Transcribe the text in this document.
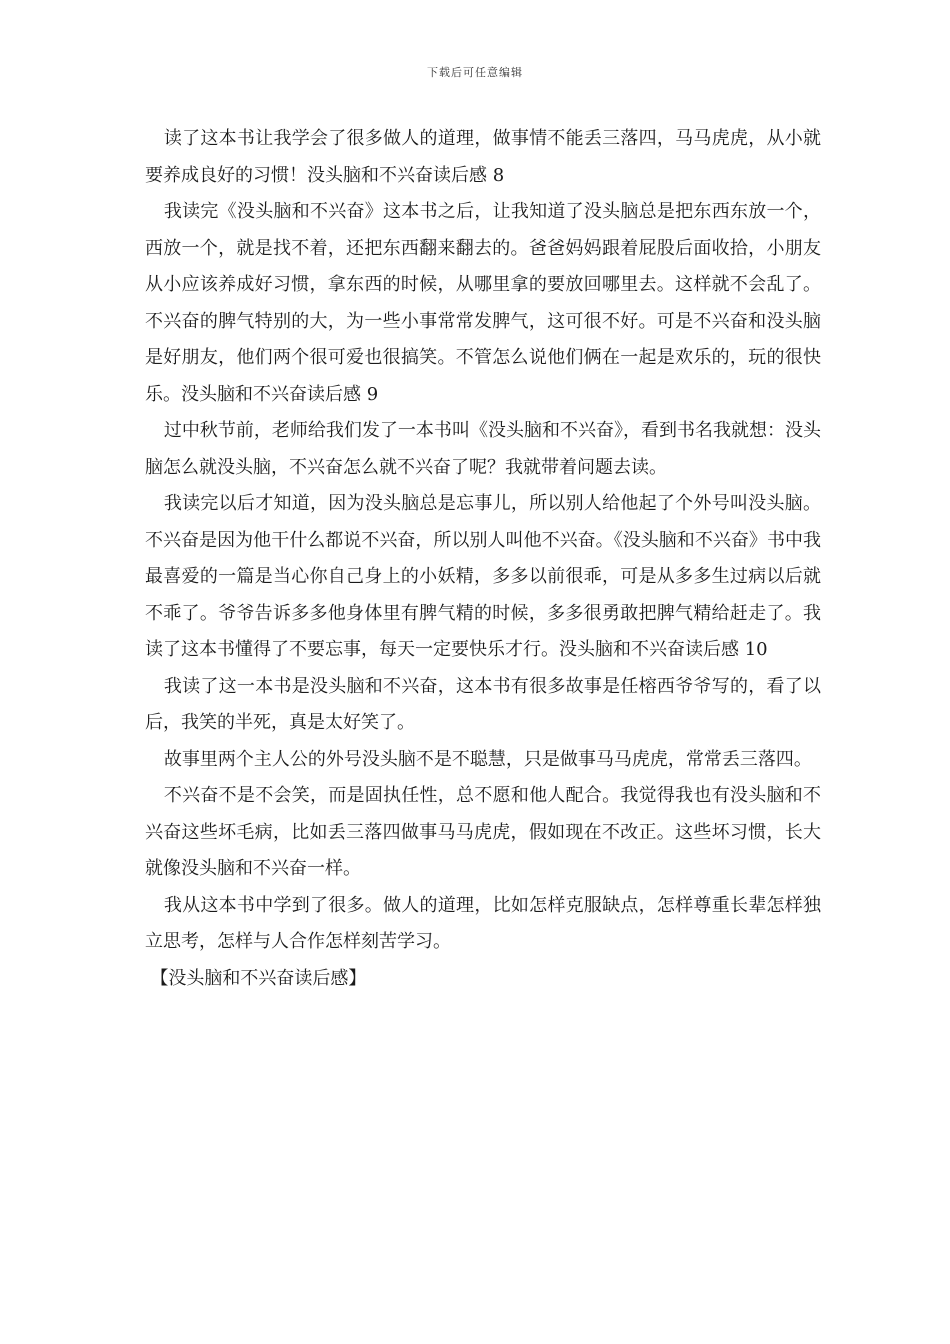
下载后可任意编辑

读了这本书让我学会了很多做人的道理，做事情不能丢三落四，马马虎虎，从小就要养成良好的习惯！没头脑和不兴奋读后感 8

我读完《没头脑和不兴奋》这本书之后，让我知道了没头脑总是把东西东放一个，西放一个，就是找不着，还把东西翻来翻去的。爸爸妈妈跟着屁股后面收拾，小朋友从小应该养成好习惯，拿东西的时候，从哪里拿的要放回哪里去。这样就不会乱了。不兴奋的脾气特别的大，为一些小事常常发脾气，这可很不好。可是不兴奋和没头脑是好朋友，他们两个很可爱也很搞笑。不管怎么说他们俩在一起是欢乐的，玩的很快乐。没头脑和不兴奋读后感 9

过中秋节前，老师给我们发了一本书叫《没头脑和不兴奋》，看到书名我就想：没头脑怎么就没头脑，不兴奋怎么就不兴奋了呢？我就带着问题去读。

我读完以后才知道，因为没头脑总是忘事儿，所以别人给他起了个外号叫没头脑。不兴奋是因为他干什么都说不兴奋，所以别人叫他不兴奋。《没头脑和不兴奋》书中我最喜爱的一篇是当心你自己身上的小妖精，多多以前很乖，可是从多多生过病以后就不乖了。爷爷告诉多多他身体里有脾气精的时候，多多很勇敢把脾气精给赶走了。我读了这本书懂得了不要忘事，每天一定要快乐才行。没头脑和不兴奋读后感 10

我读了这一本书是没头脑和不兴奋，这本书有很多故事是任榕西爷爷写的，看了以后，我笑的半死，真是太好笑了。

故事里两个主人公的外号没头脑不是不聪慧，只是做事马马虎虎，常常丢三落四。

不兴奋不是不会笑，而是固执任性，总不愿和他人配合。我觉得我也有没头脑和不兴奋这些坏毛病，比如丢三落四做事马马虎虎，假如现在不改正。这些坏习惯，长大就像没头脑和不兴奋一样。

我从这本书中学到了很多。做人的道理，比如怎样克服缺点，怎样尊重长辈怎样独立思考，怎样与人合作怎样刻苦学习。

【没头脑和不兴奋读后感】
